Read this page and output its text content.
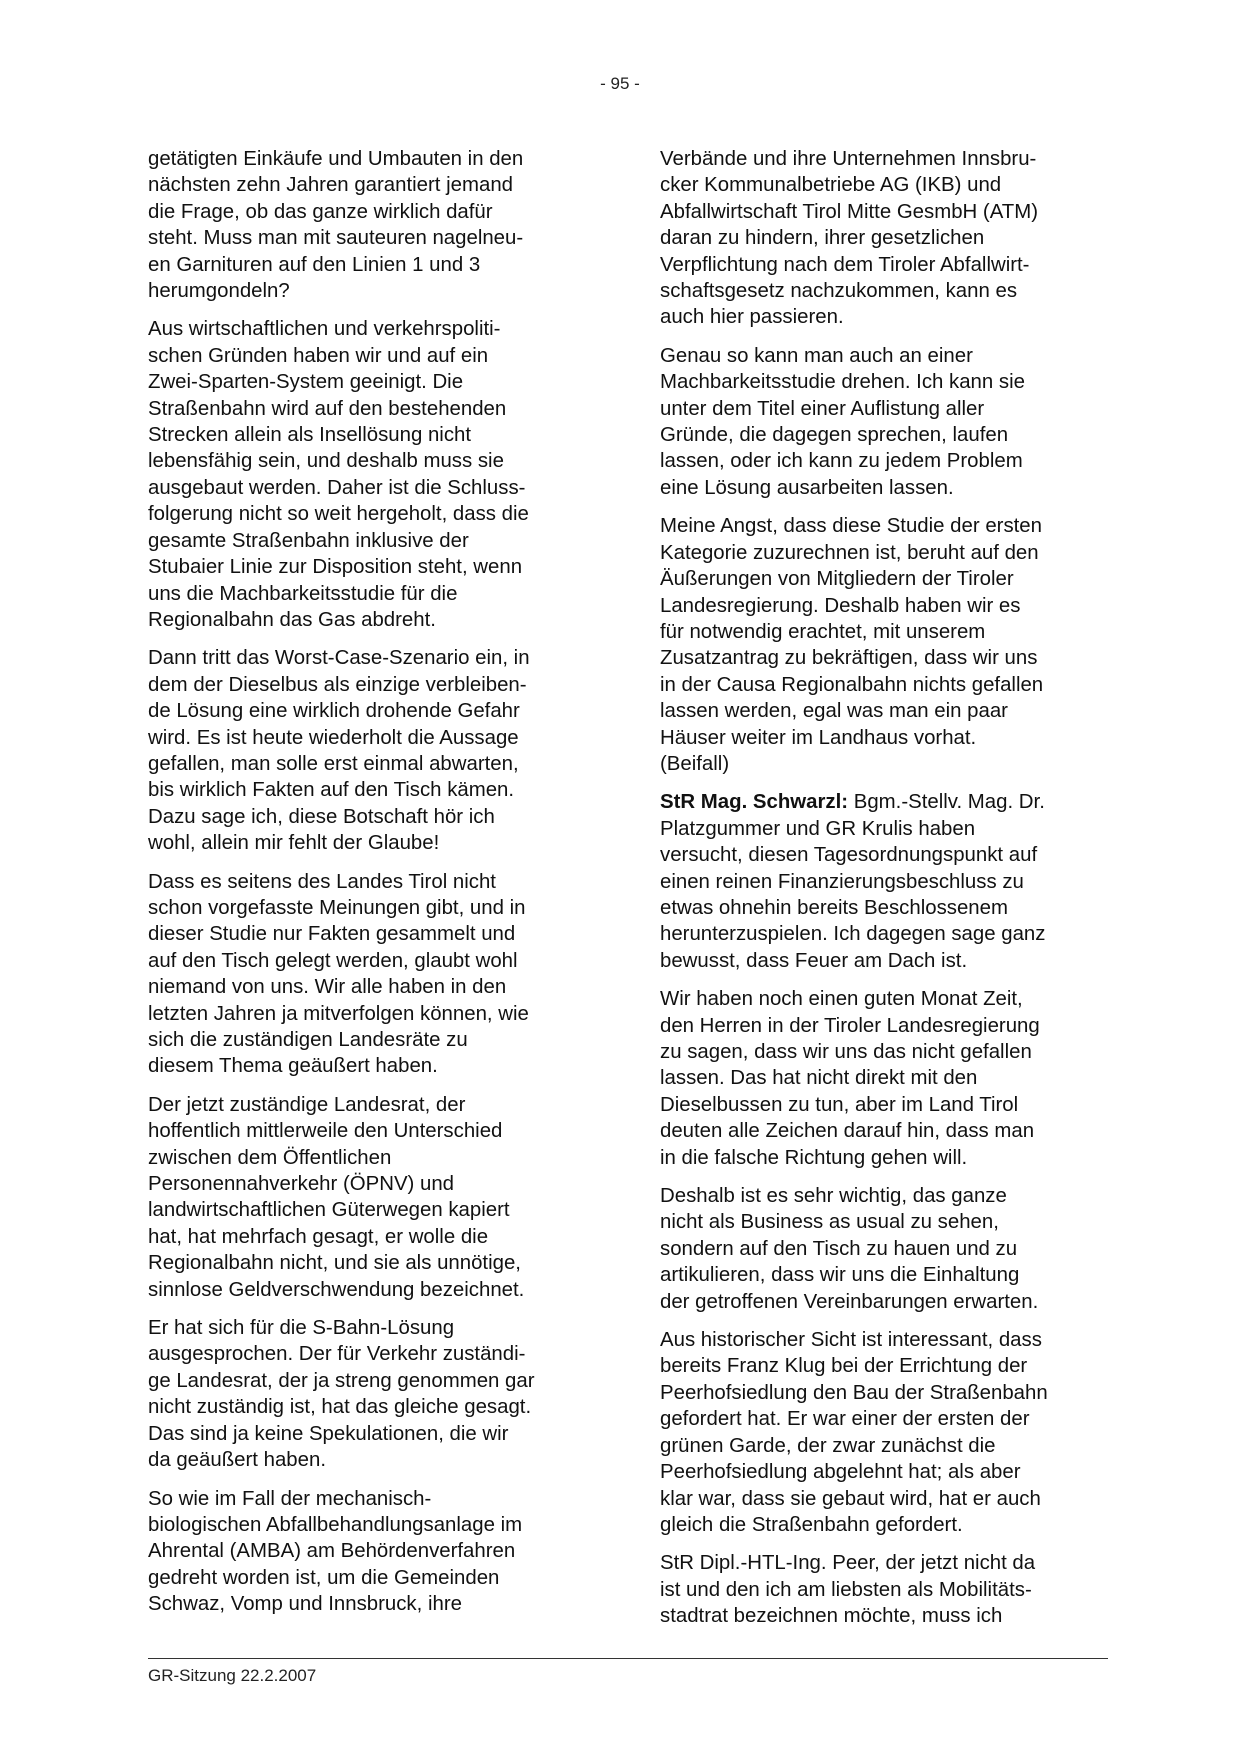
- 95 -

getätigten Einkäufe und Umbauten in den
nächsten zehn Jahren garantiert jemand
die Frage, ob das ganze wirklich dafür
steht. Muss man mit sauteuren nagelneu-
en Garnituren auf den Linien 1 und 3
herumgondeln?

Aus wirtschaftlichen und verkehrspoliti-
schen Gründen haben wir und auf ein
Zwei-Sparten-System geeinigt. Die
Straßenbahn wird auf den bestehenden
Strecken allein als Insellösung nicht
lebensfähig sein, und deshalb muss sie
ausgebaut werden. Daher ist die Schluss-
folgerung nicht so weit hergeholt, dass die
gesamte Straßenbahn inklusive der
Stubaier Linie zur Disposition steht, wenn
uns die Machbarkeitsstudie für die
Regionalbahn das Gas abdreht.

Dann tritt das Worst-Case-Szenario ein, in
dem der Dieselbus als einzige verbleiben-
de Lösung eine wirklich drohende Gefahr
wird. Es ist heute wiederholt die Aussage
gefallen, man solle erst einmal abwarten,
bis wirklich Fakten auf den Tisch kämen.
Dazu sage ich, diese Botschaft hör ich
wohl, allein mir fehlt der Glaube!

Dass es seitens des Landes Tirol nicht
schon vorgefasste Meinungen gibt, und in
dieser Studie nur Fakten gesammelt und
auf den Tisch gelegt werden, glaubt wohl
niemand von uns. Wir alle haben in den
letzten Jahren ja mitverfolgen können, wie
sich die zuständigen Landesräte zu
diesem Thema geäußert haben.

Der jetzt zuständige Landesrat, der
hoffentlich mittlerweile den Unterschied
zwischen dem Öffentlichen
Personennahverkehr (ÖPNV) und
landwirtschaftlichen Güterwegen kapiert
hat, hat mehrfach gesagt, er wolle die
Regionalbahn nicht, und sie als unnötige,
sinnlose Geldverschwendung bezeichnet.

Er hat sich für die S-Bahn-Lösung
ausgesprochen. Der für Verkehr zuständi-
ge Landesrat, der ja streng genommen gar
nicht zuständig ist, hat das gleiche gesagt.
Das sind ja keine Spekulationen, die wir
da geäußert haben.

So wie im Fall der mechanisch-
biologischen Abfallbehandlungsanlage im
Ahrental (AMBA) am Behördenverfahren
gedreht worden ist, um die Gemeinden
Schwaz, Vomp und Innsbruck, ihre

Verbände und ihre Unternehmen Innsbru-
cker Kommunalbetriebe AG (IKB) und
Abfallwirtschaft Tirol Mitte GesmbH (ATM)
daran zu hindern, ihrer gesetzlichen
Verpflichtung nach dem Tiroler Abfallwirt-
schaftsgesetz nachzukommen, kann es
auch hier passieren.

Genau so kann man auch an einer
Machbarkeitsstudie drehen. Ich kann sie
unter dem Titel einer Auflistung aller
Gründe, die dagegen sprechen, laufen
lassen, oder ich kann zu jedem Problem
eine Lösung ausarbeiten lassen.

Meine Angst, dass diese Studie der ersten
Kategorie zuzurechnen ist, beruht auf den
Äußerungen von Mitgliedern der Tiroler
Landesregierung. Deshalb haben wir es
für notwendig erachtet, mit unserem
Zusatzantrag zu bekräftigen, dass wir uns
in der Causa Regionalbahn nichts gefallen
lassen werden, egal was man ein paar
Häuser weiter im Landhaus vorhat.
(Beifall)

StR Mag. Schwarzl: Bgm.-Stellv. Mag. Dr.
Platzgummer und GR Krulis haben
versucht, diesen Tagesordnungspunkt auf
einen reinen Finanzierungsbeschluss zu
etwas ohnehin bereits Beschlossenem
herunterzuspielen. Ich dagegen sage ganz
bewusst, dass Feuer am Dach ist.

Wir haben noch einen guten Monat Zeit,
den Herren in der Tiroler Landesregierung
zu sagen, dass wir uns das nicht gefallen
lassen. Das hat nicht direkt mit den
Dieselbussen zu tun, aber im Land Tirol
deuten alle Zeichen darauf hin, dass man
in die falsche Richtung gehen will.

Deshalb ist es sehr wichtig, das ganze
nicht als Business as usual zu sehen,
sondern auf den Tisch zu hauen und zu
artikulieren, dass wir uns die Einhaltung
der getroffenen Vereinbarungen erwarten.

Aus historischer Sicht ist interessant, dass
bereits Franz Klug bei der Errichtung der
Peerhofsiedlung den Bau der Straßenbahn
gefordert hat. Er war einer der ersten der
grünen Garde, der zwar zunächst die
Peerhofsiedlung abgelehnt hat; als aber
klar war, dass sie gebaut wird, hat er auch
gleich die Straßenbahn gefordert.

StR Dipl.-HTL-Ing. Peer, der jetzt nicht da
ist und den ich am liebsten als Mobilitäts-
stadtrat bezeichnen möchte, muss ich

GR-Sitzung 22.2.2007
